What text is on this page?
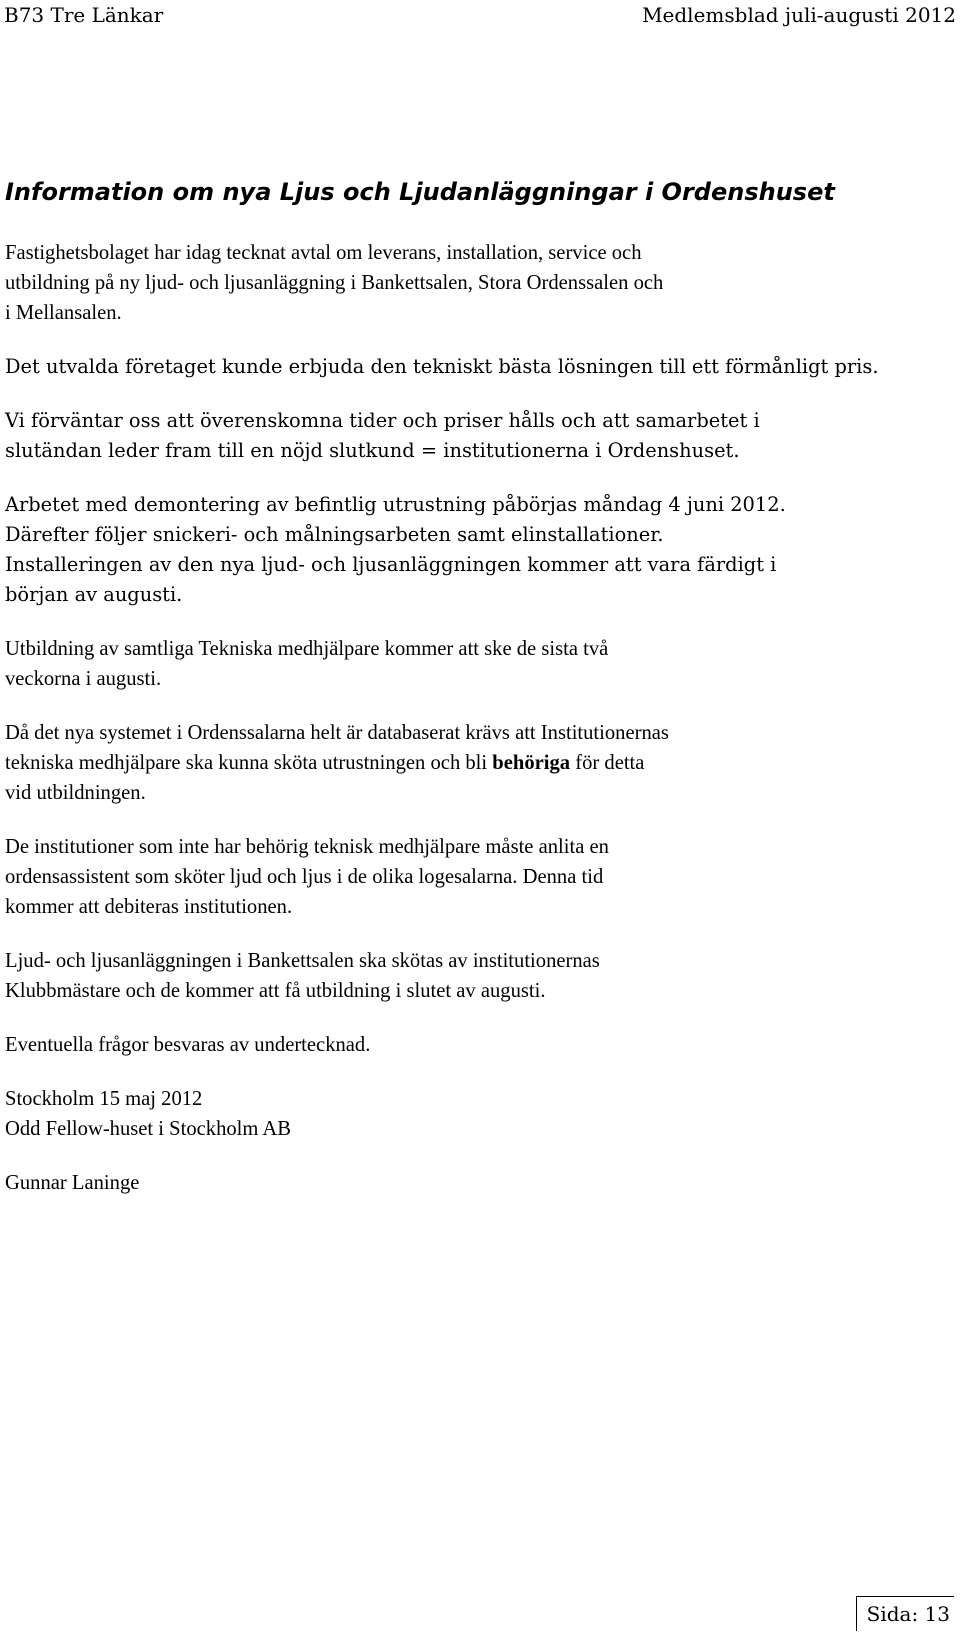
B73 Tre Länkar	Medlemsblad juli-augusti 2012
Information om nya Ljus och Ljudanläggningar i Ordenshuset

Fastighetsbolaget har idag tecknat avtal om leverans, installation, service och
utbildning på ny ljud- och ljusanläggning i Bankettsalen, Stora Ordenssalen och
i Mellansalen.

Det utvalda företaget kunde erbjuda den tekniskt bästa lösningen till ett förmånligt pris.

Vi förväntar oss att överenskomna tider och priser hålls och att samarbetet i
slutändan leder fram till en nöjd slutkund = institutionerna i Ordenshuset.

Arbetet med demontering av befintlig utrustning påbörjas måndag 4 juni 2012.
Därefter följer snickeri- och målningsarbeten samt elinstallationer.
Installeringen av den nya ljud- och ljusanläggningen kommer att vara färdigt i
början av augusti.

Utbildning av samtliga Tekniska medhjälpare kommer att ske de sista två
veckorna i augusti.

Då det nya systemet i Ordenssalarna helt är databaserat krävs att Institutionernas
tekniska medhjälpare ska kunna sköta utrustningen och bli behöriga för detta
vid utbildningen.

De institutioner som inte har behörig teknisk medhjälpare måste anlita en
ordensassistent som sköter ljud och ljus i de olika logesalarna. Denna tid
kommer att debiteras institutionen.

Ljud- och ljusanläggningen i Bankettsalen ska skötas av institutionernas
Klubbmästare och de kommer att få utbildning i slutet av augusti.

Eventuella frågor besvaras av undertecknad.

Stockholm 15 maj 2012
Odd Fellow-huset i Stockholm AB

Gunnar Laninge

Sida: 13
